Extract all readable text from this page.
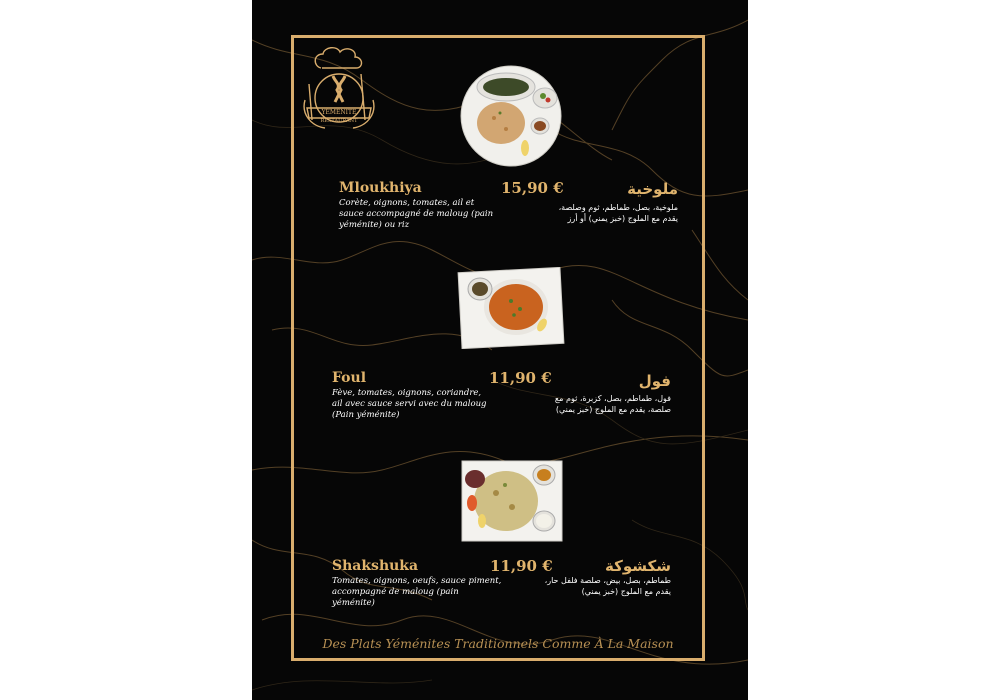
YÉMÉNITE
RESTAURANT
Mloukhiya	15,90 €	ملوخية
Corète, oignons, tomates, ail et sauce accompagné de maloug (pain yéménite) ou riz
ملوخية، بصل، طماطم، ثوم وصلصة،
يقدم مع الملوج (خبز يمني) أو أرز
Foul	11,90 €	فول
Fève, tomates, oignons, coriandre, ail avec sauce servi avec du maloug (Pain yéménite)
فول، طماطم، بصل، كزبرة، ثوم مع
صلصة، يقدم مع الملوج (خبز يمني)
Shakshuka	11,90 €	شكشوكة
Tomates, oignons, oeufs, sauce piment, accompagné de maloug (pain yéménite)
طماطم، بصل، بيض، صلصة فلفل حار،
يقدم مع الملوج (خبز يمني)
Des Plats Yéménites Traditionnels Comme À La Maison
